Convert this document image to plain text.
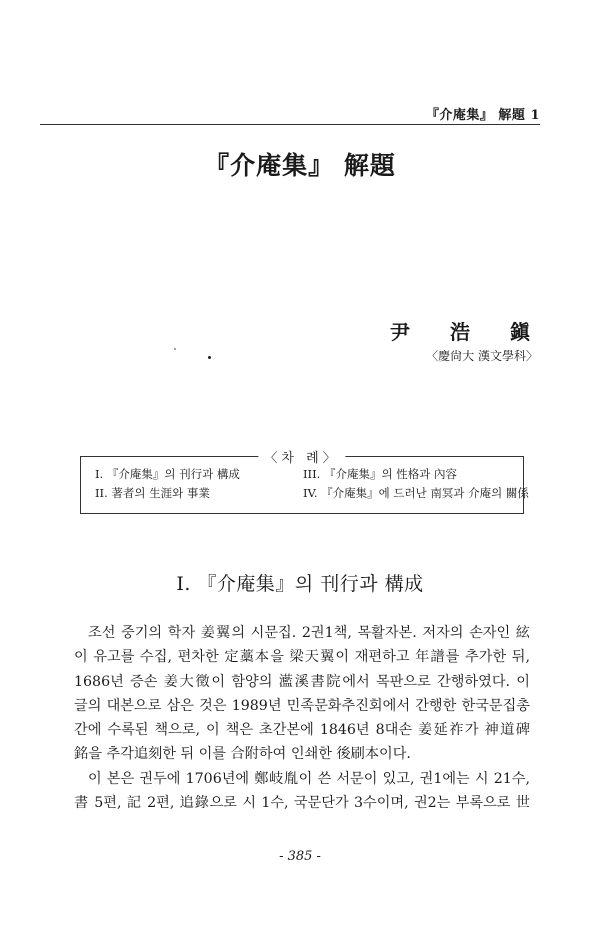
『介庵集』 解題 1
『介庵集』 解題
尹 浩 鎭
〈慶尙大 漢文學科〉
〈차 례〉
I. 『介庵集』의 刊行과 構成
II. 著者의 生涯와 事業
III. 『介庵集』의 性格과 內容
IV. 『介庵集』에 드러난 南冥과 介庵의 關係
I. 『介庵集』의 刊行과 構成
조선 중기의 학자 姜翼의 시문집. 2권1책, 목활자본. 저자의 손자인 絃
이 유고를 수집, 편차한 定藁本을 梁天翼이 재편하고 年譜를 추가한 뒤,
1686년 증손 姜大徵이 함양의 灆溪書院에서 목판으로 간행하였다. 이
글의 대본으로 삼은 것은 1989년 민족문화추진회에서 간행한 한국문집총
간에 수록된 책으로, 이 책은 초간본에 1846년 8대손 姜延祚가 神道碑
銘을 추각追刻한 뒤 이를 合附하여 인쇄한 後刷本이다.
이 본은 권두에 1706년에 鄭岐胤이 쓴 서문이 있고, 권1에는 시 21수,
書 5편, 記 2편, 追錄으로 시 1수, 국문단가 3수이며, 권2는 부록으로 世
- 385 -
